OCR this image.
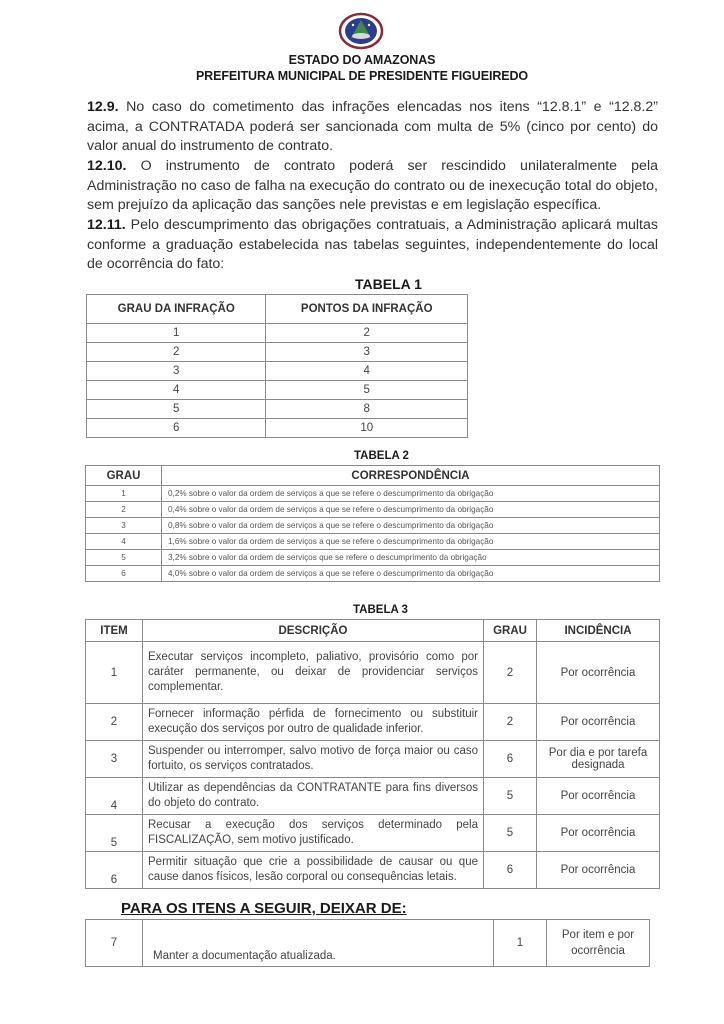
ESTADO DO AMAZONAS
PREFEITURA MUNICIPAL DE PRESIDENTE FIGUEIREDO
12.9. No caso do cometimento das infrações elencadas nos itens “12.8.1” e “12.8.2” acima, a CONTRATADA poderá ser sancionada com multa de 5% (cinco por cento) do valor anual do instrumento de contrato.
12.10. O instrumento de contrato poderá ser rescindido unilateralmente pela Administração no caso de falha na execução do contrato ou de inexecução total do objeto, sem prejuízo da aplicação das sanções nele previstas e em legislação específica.
12.11. Pelo descumprimento das obrigações contratuais, a Administração aplicará multas conforme a graduação estabelecida nas tabelas seguintes, independentemente do local de ocorrência do fato:
TABELA 1
GRAU DA INFRAÇÃO	PONTOS DA INFRAÇÃO
1	2
2	3
3	4
4	5
5	8
6	10
TABELA 2
GRAU	CORRESPONDÊNCIA
1	0,2% sobre o valor da ordem de serviços a que se refere o descumprimento da obrigação
2	0,4% sobre o valor da ordem de serviços a que se refere o descumprimento da obrigação
3	0,8% sobre o valor da ordem de serviços a que se refere o descumprimento da obrigação
4	1,6% sobre o valor da ordem de serviços a que se refere o descumprimento da obrigação
5	3,2% sobre o valor da ordem de serviços que se refere o descumprimento da obrigação
6	4,0% sobre o valor da ordem de serviços a que se refere o descumprimento da obrigação
TABELA 3
ITEM	DESCRIÇÃO	GRAU	INCIDÊNCIA
1	Executar serviços incompleto, paliativo, provisório como por caráter permanente, ou deixar de providenciar serviços complementar.	2	Por ocorrência
2	Fornecer informação pérfida de fornecimento ou substituir execução dos serviços por outro de qualidade inferior.	2	Por ocorrência
3	Suspender ou interromper, salvo motivo de força maior ou caso fortuito, os serviços contratados.	6	Por dia e por tarefa designada
4	Utilizar as dependências da CONTRATANTE para fins diversos do objeto do contrato.	5	Por ocorrência
5	Recusar a execução dos serviços determinado pela FISCALIZAÇÃO, sem motivo justificado.	5	Por ocorrência
6	Permitir situação que crie a possibilidade de causar ou que cause danos físicos, lesão corporal ou consequências letais.	6	Por ocorrência
PARA OS ITENS A SEGUIR, DEIXAR DE:
7	Manter a documentação atualizada.	1	Por item e por ocorrência
